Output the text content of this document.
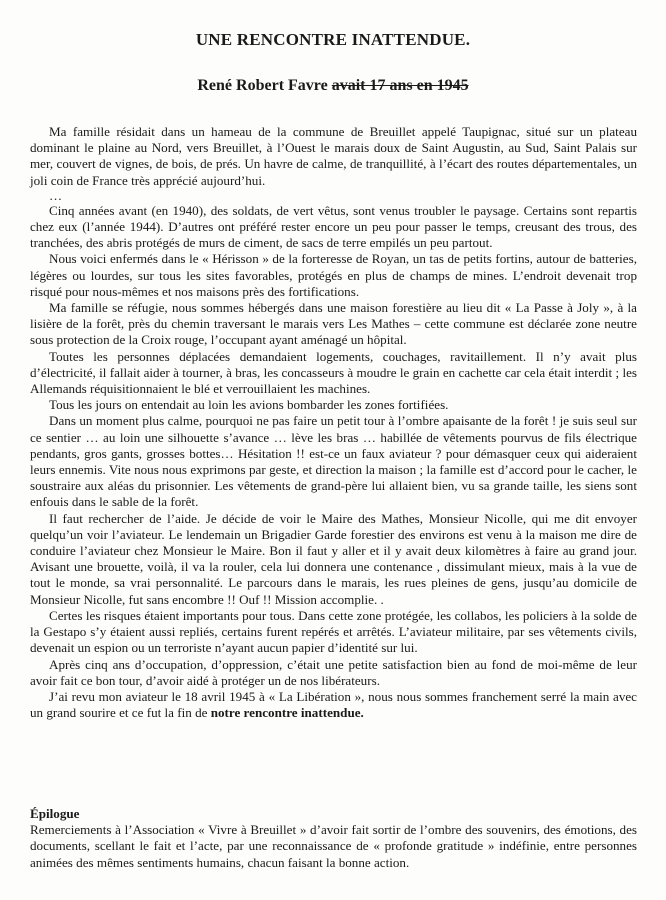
UNE RENCONTRE INATTENDUE.
René Robert Favre avait 17 ans en 1945

Ma famille résidait dans un hameau de la commune de Breuillet appelé Taupignac, situé sur un plateau dominant le plaine au Nord, vers Breuillet, à l’Ouest le marais doux de Saint Augustin, au Sud, Saint Palais sur mer, couvert de vignes, de bois, de prés. Un havre de calme, de tranquillité, à l’écart des routes départementales, un joli coin de France très apprécié aujourd’hui.

…

Cinq années avant (en 1940), des soldats, de vert vêtus, sont venus troubler le paysage. Certains sont repartis chez eux (l’année 1944). D’autres ont préféré rester encore un peu pour passer le temps, creusant des trous, des tranchées, des abris protégés de murs de ciment, de sacs de terre empilés un peu partout.

Nous voici enfermés dans le « Hérisson » de la forteresse de Royan, un tas de petits fortins, autour de batteries, légères ou lourdes, sur tous les sites favorables, protégés en plus de champs de mines. L’endroit devenait trop risqué pour nous-mêmes et nos maisons près des fortifications.

Ma famille se réfugie, nous sommes hébergés dans une maison forestière au lieu dit « La Passe à Joly », à la lisière de la forêt, près du chemin traversant le marais vers Les Mathes – cette commune est déclarée zone neutre sous protection de la Croix rouge, l’occupant ayant aménagé un hôpital.

Toutes les personnes déplacées demandaient logements, couchages, ravitaillement. Il n’y avait plus d’électricité, il fallait aider à tourner, à bras, les concasseurs à moudre le grain en cachette car cela était interdit ; les Allemands réquisitionnaient le blé et verrouillaient les machines.

Tous les jours on entendait au loin les avions bombarder les zones fortifiées.

Dans un moment plus calme, pourquoi ne pas faire un petit tour à l’ombre apaisante de la forêt ! je suis seul sur ce sentier … au loin une silhouette s’avance … lève les bras … habillée de vêtements pourvus de fils électrique pendants, gros gants, grosses bottes… Hésitation !! est-ce un faux aviateur ? pour démasquer ceux qui aideraient leurs ennemis. Vite nous nous exprimons par geste, et direction la maison ; la famille est d’accord pour le cacher, le soustraire aux aléas du prisonnier. Les vêtements de grand-père lui allaient bien, vu sa grande taille, les siens sont enfouis dans le sable de la forêt.

Il faut rechercher de l’aide. Je décide de voir le Maire des Mathes, Monsieur Nicolle, qui me dit envoyer quelqu’un voir l’aviateur. Le lendemain un Brigadier Garde forestier des environs est venu à la maison me dire de conduire l’aviateur chez Monsieur le Maire. Bon il faut y aller et il y avait deux kilomètres à faire au grand jour. Avisant une brouette, voilà, il va la rouler, cela lui donnera une contenance , dissimulant mieux, mais à la vue de tout le monde, sa vrai personnalité. Le parcours dans le marais, les rues pleines de gens, jusqu’au domicile de Monsieur Nicolle, fut sans encombre !! Ouf !! Mission accomplie. .

Certes les risques étaient importants pour tous. Dans cette zone protégée, les collabos, les policiers à la solde de la Gestapo s’y étaient aussi repliés, certains furent repérés et arrêtés. L’aviateur militaire, par ses vêtements civils, devenait un espion ou un terroriste n’ayant aucun papier d’identité sur lui.

Après cinq ans d’occupation, d’oppression, c’était une petite satisfaction bien au fond de moi-même de leur avoir fait ce bon tour, d’avoir aidé à protéger un de nos libérateurs.

J’ai revu mon aviateur le 18 avril 1945 à « La Libération », nous nous sommes franchement serré la main avec un grand sourire et ce fut la fin de notre rencontre inattendue.

Épilogue

Remerciements à l’Association « Vivre à Breuillet » d’avoir fait sortir de l’ombre des souvenirs, des émotions, des documents, scellant le fait et l’acte, par une reconnaissance de « profonde gratitude » indéfinie, entre personnes animées des mêmes sentiments humains, chacun faisant la bonne action.
